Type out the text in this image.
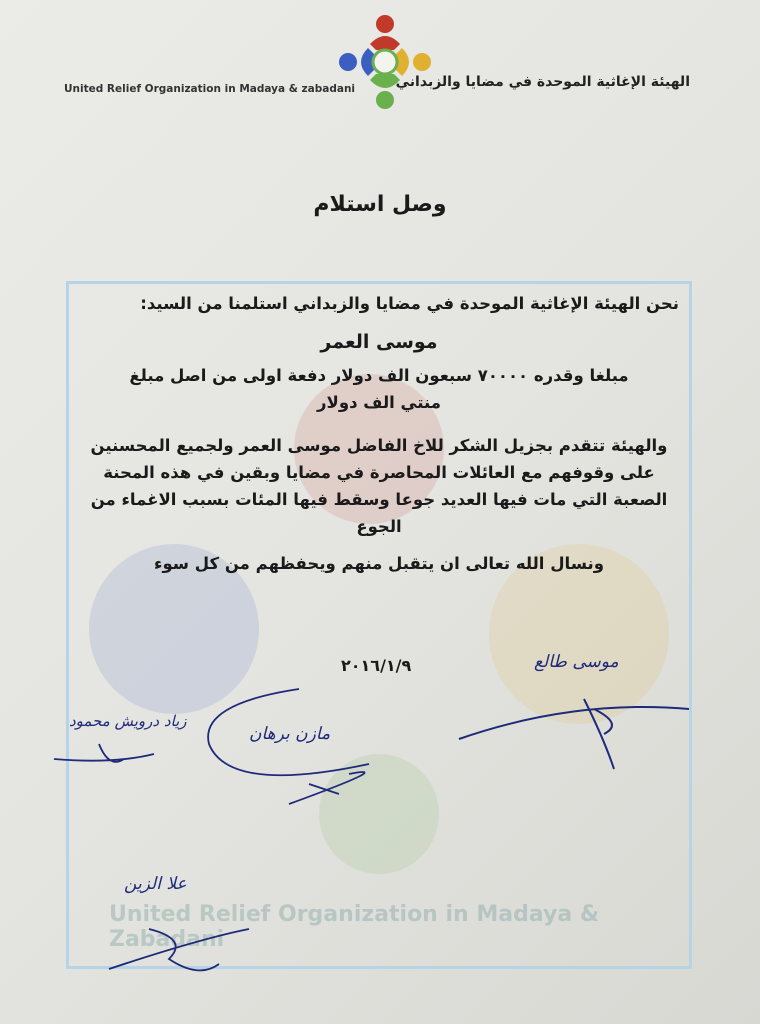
United Relief Organization in Madaya & zabadani	الهيئة الإغاثية الموحدة في مضايا والزبداني
وصل استلام
United Relief Organization in Madaya & Zabadani
نحن الهيئة الإغاثية الموحدة في مضايا والزبداني استلمنا من السيد:
موسى العمر
مبلغا وقدره ٧٠٠٠٠ سبعون الف دولار دفعة اولى من اصل مبلغ منتي الف دولار
والهيئة تتقدم بجزيل الشكر للاخ الفاضل موسى العمر ولجميع المحسنين على وقوفهم مع العائلات المحاصرة في مضايا وبقين في هذه المحنة الصعبة التي مات فيها العديد جوعا وسقط فيها المئات بسبب الاغماء من الجوع
ونسال الله تعالى ان يتقبل منهم ويحفظهم من كل سوء
٢٠١٦/١/٩	موسى طالع
مازن برهان
زياد درويش محمود
علا الزين
